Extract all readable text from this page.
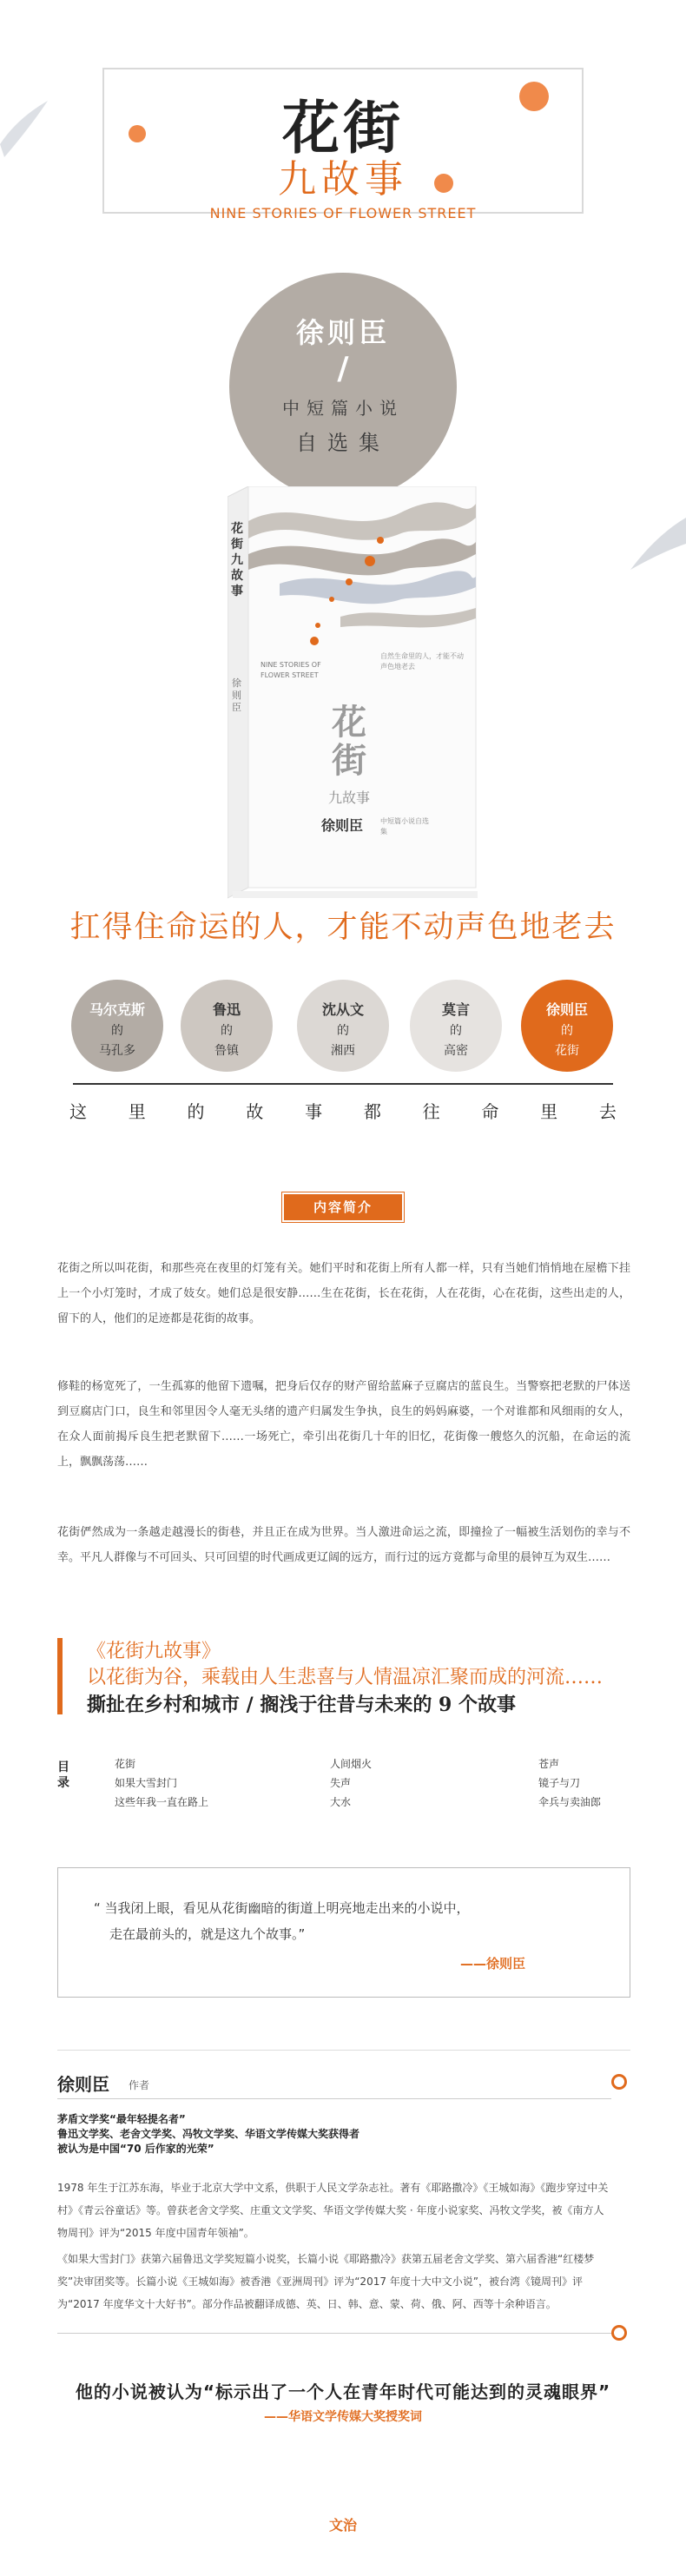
花街
九故事
NINE STORIES OF FLOWER STREET
徐则臣
/
中短篇小说
自选集
花街九故事
徐则臣
NINE STORIES OF FLOWER STREET
自然生命里的人，才能不动声色地老去
花街
九故事
徐则臣 中短篇小说自选集
扛得住命运的人，才能不动声色地老去
马尔克斯
的
马孔多
鲁迅
的
鲁镇
沈从文
的
湘西
莫言
的
高密
徐则臣
的
花街
这 里 的 故 事 都 往 命 里 去
内容简介
花街之所以叫花街，和那些亮在夜里的灯笼有关。她们平时和花街上所有人都一样，只有当她们悄悄地在屋檐下挂上一个小灯笼时，才成了妓女。她们总是很安静……生在花街，长在花街，人在花街，心在花街，这些出走的人，留下的人，他们的足迹都是花街的故事。
修鞋的杨宽死了，一生孤寡的他留下遗嘱，把身后仅存的财产留给蓝麻子豆腐店的蓝良生。当警察把老默的尸体送到豆腐店门口，良生和邻里因令人毫无头绪的遗产归属发生争执，良生的妈妈麻婆，一个对谁都和风细雨的女人，在众人面前揭斥良生把老默留下……一场死亡，牵引出花街几十年的旧忆，花街像一艘悠久的沉船，在命运的流上，飘飘荡荡……
花街俨然成为一条越走越漫长的街巷，并且正在成为世界。当人激进命运之流，即撞捡了一幅被生活划伤的幸与不幸。平凡人群像与不可回头、只可回望的时代画成更辽阔的远方，而行过的远方竟都与命里的晨钟互为双生……
《花街九故事》
以花街为谷，乘载由人生悲喜与人情温凉汇聚而成的河流……
撕扯在乡村和城市 / 搁浅于往昔与未来的 9 个故事
目录
花街
如果大雪封门
这些年我一直在路上
人间烟火
失声
大水
苍声
镜子与刀
伞兵与卖油郎
“ 当我闭上眼，看见从花街幽暗的街道上明亮地走出来的小说中，
走在最前头的，就是这九个故事。”
——徐则臣
徐则臣 作者
茅盾文学奖“最年轻提名者”
鲁迅文学奖、老舍文学奖、冯牧文学奖、华语文学传媒大奖获得者
被认为是中国“70 后作家的光荣”
1978 年生于江苏东海，毕业于北京大学中文系，供职于人民文学杂志社。著有《耶路撒冷》《王城如海》《跑步穿过中关村》《青云谷童话》等。曾获老舍文学奖、庄重文文学奖、华语文学传媒大奖 · 年度小说家奖、冯牧文学奖，被《南方人物周刊》评为“2015 年度中国青年领袖”。
《如果大雪封门》获第六届鲁迅文学奖短篇小说奖，长篇小说《耶路撒冷》获第五届老舍文学奖、第六届香港“红楼梦奖”决审团奖等。长篇小说《王城如海》被香港《亚洲周刊》评为“2017 年度十大中文小说”，被台湾《镜周刊》评为“2017 年度华文十大好书”。部分作品被翻译成德、英、日、韩、意、蒙、荷、俄、阿、西等十余种语言。
他的小说被认为“标示出了一个人在青年时代可能达到的灵魂眼界”
——华语文学传媒大奖授奖词
文治
